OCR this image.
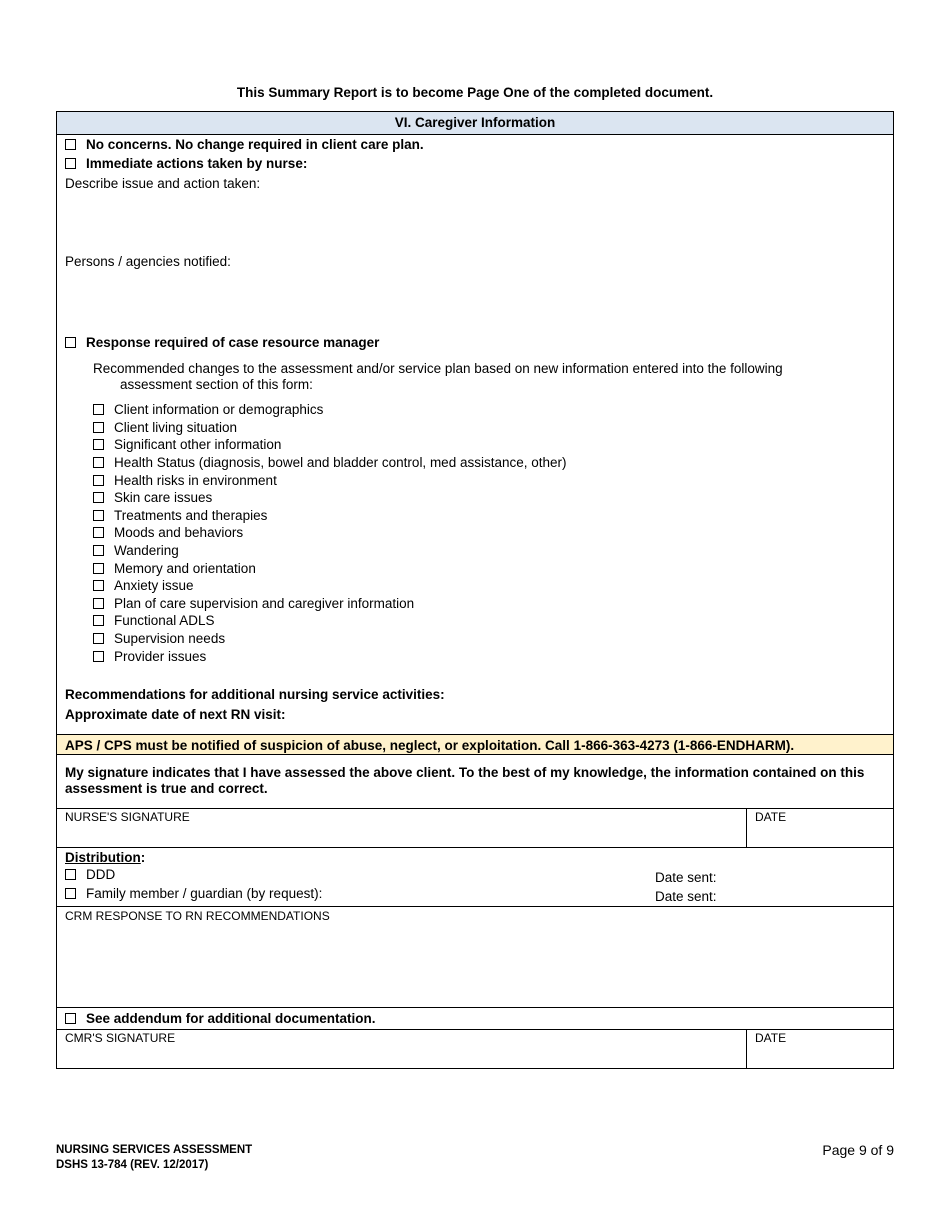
This Summary Report is to become Page One of the completed document.
VI. Caregiver Information
No concerns. No change required in client care plan.
Immediate actions taken by nurse:
Describe issue and action taken:
Persons / agencies notified:
Response required of case resource manager
Recommended changes to the assessment and/or service plan based on new information entered into the following
assessment section of this form:
Client information or demographics
Client living situation
Significant other information
Health Status (diagnosis, bowel and bladder control, med assistance, other)
Health risks in environment
Skin care issues
Treatments and therapies
Moods and behaviors
Wandering
Memory and orientation
Anxiety issue
Plan of care supervision and caregiver information
Functional ADLS
Supervision needs
Provider issues
Recommendations for additional nursing service activities:
Approximate date of next RN visit:
APS / CPS must be notified of suspicion of abuse, neglect, or exploitation. Call 1-866-363-4273 (1-866-ENDHARM).
My signature indicates that I have assessed the above client. To the best of my knowledge, the information contained on this assessment is true and correct.
NURSE'S SIGNATURE	DATE
Distribution :
DDD
Family member / guardian (by request):
Date sent:
Date sent:
CRM RESPONSE TO RN RECOMMENDATIONS
See addendum for additional documentation.
CMR'S SIGNATURE	DATE
NURSING SERVICES ASSESSMENT
DSHS 13-784 (REV. 12/2017)
Page 9 of 9
